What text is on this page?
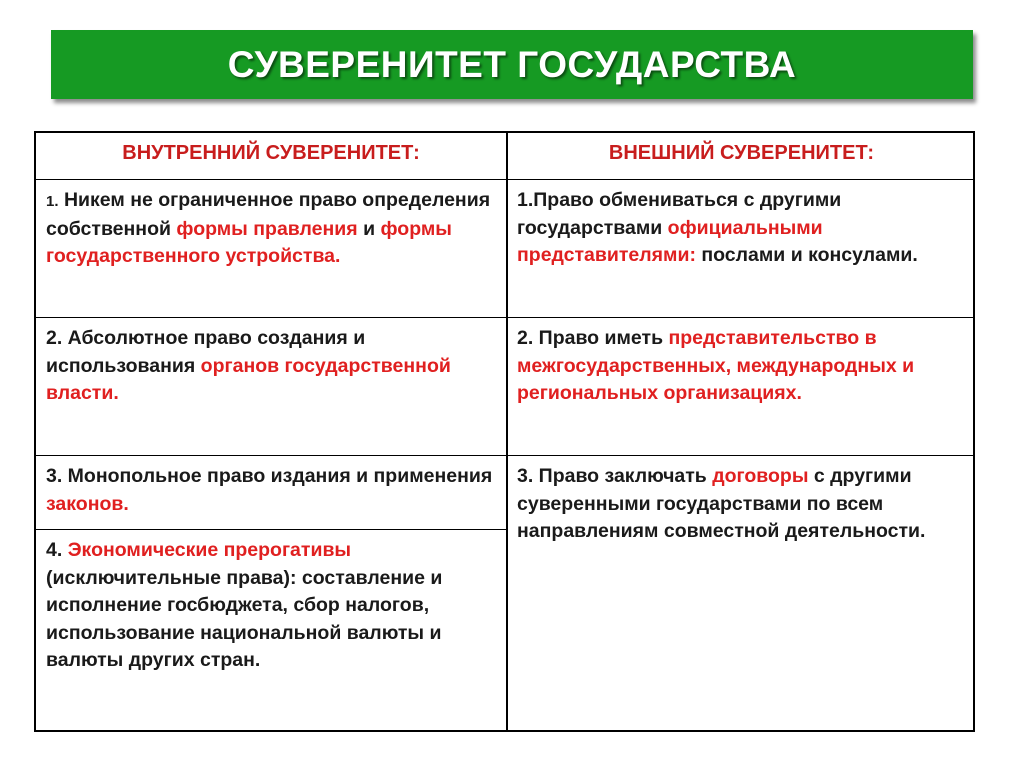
СУВЕРЕНИТЕТ ГОСУДАРСТВА
ВНУТРЕННИЙ СУВЕРЕНИТЕТ:	ВНЕШНИЙ СУВЕРЕНИТЕТ:
1. Никем не ограниченное право определения собственной формы правления и формы государственного устройства.
2. Абсолютное право создания и использования органов государственной власти.
3. Монопольное право издания и применения законов.
4. Экономические прерогативы (исключительные права): составление и исполнение госбюджета, сбор налогов, использование национальной валюты и валюты других стран.
1.Право обмениваться с другими государствами официальными представителями: послами и консулами.
2. Право иметь представительство в межгосударственных, международных и региональных организациях.
3. Право заключать договоры с другими суверенными государствами по всем направлениям совместной деятельности.
